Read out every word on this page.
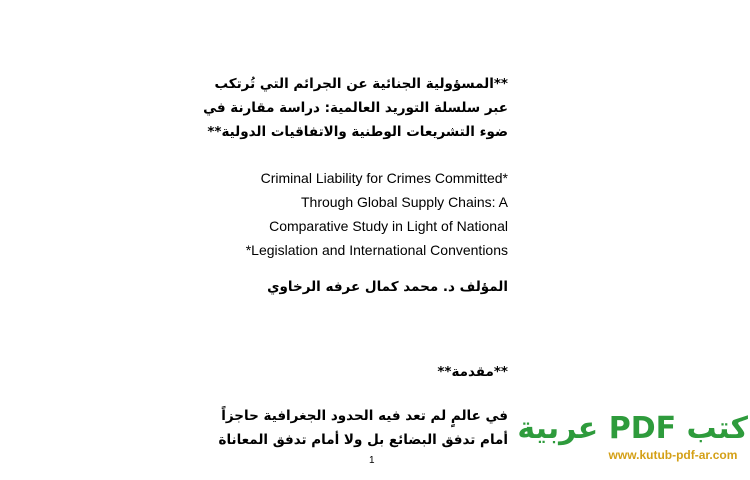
**المسؤولية الجنائية عن الجرائم التي تُرتكب
عبر سلسلة التوريد العالمية: دراسة مقارنة في
ضوء التشريعات الوطنية والاتفاقيات الدولية**
Criminal Liability for Crimes Committed*
Through Global Supply Chains: A
Comparative Study in Light of National
*Legislation and International Conventions
المؤلف د. محمد كمال عرفه الرخاوي
**مقدمة**
في عالمٍ لم تعد فيه الحدود الجغرافية حاجزاً
أمام تدفق البضائع بل ولا أمام تدفق المعاناة
1
كتب PDF عربية
www.kutub-pdf-ar.com
